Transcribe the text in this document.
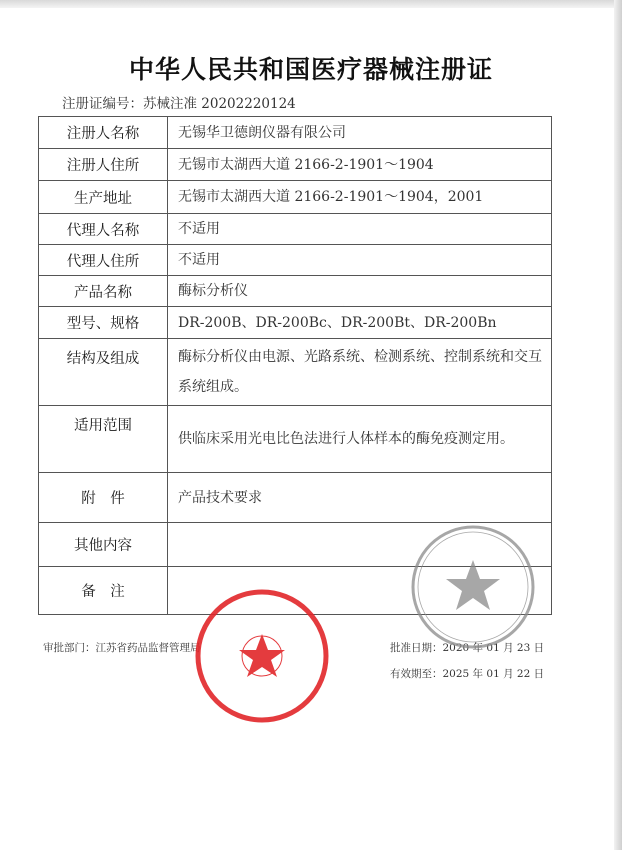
中华人民共和国医疗器械注册证
注册证编号：苏械注准 20202220124
注册人名称	无锡华卫德朗仪器有限公司
注册人住所	无锡市太湖西大道 2166-2-1901～1904
生产地址	无锡市太湖西大道 2166-2-1901～1904，2001
代理人名称	不适用
代理人住所	不适用
产品名称	酶标分析仪
型号、规格	DR-200B、DR-200Bc、DR-200Bt、DR-200Bn
结构及组成	酶标分析仪由电源、光路系统、检测系统、控制系统和交互系统组成。
适用范围	供临床采用光电比色法进行人体样本的酶免疫测定用。
附　件	产品技术要求
其他内容	
备　注	
审批部门：江苏省药品监督管理局	批准日期：2020 年 01 月 23 日
有效期至：2025 年 01 月 22 日
